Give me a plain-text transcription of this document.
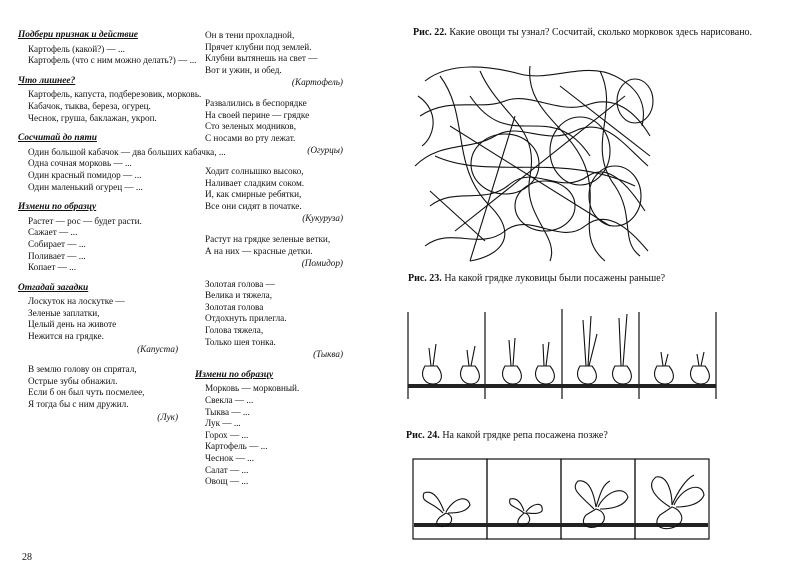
Подбери признак и действие
Картофель (какой?) — ...
Картофель (что с ним можно делать?) — ...
Что лишнее?
Картофель, капуста, подберезовик, морковь.
Кабачок, тыква, береза, огурец.
Чеснок, груша, баклажан, укроп.
Сосчитай до пяти
Один большой кабачок — два больших кабачка, ...
Одна сочная морковь — ...
Один красный помидор — ...
Один маленький огурец — ...
Измени по образцу
Растет — рос — будет расти.
Сажает — ...
Собирает — ...
Поливает — ...
Копает — ...
Отгадай загадки
Лоскуток на лоскутке —
Зеленые заплатки,
Целый день на животе
Нежится на грядке.
(Капуста)
В землю голову он спрятал,
Острые зубы обнажил.
Если б он был чуть посмелее,
Я тогда бы с ним дружил.
(Лук)
Он в тени прохладной,
Прячет клубни под землей.
Клубни вытянешь на свет —
Вот и ужин, и обед.
(Картофель)
Развалились в беспорядке
На своей перине — грядке
Сто зеленых модников,
С носами во рту лежат.
(Огурцы)
Ходит солнышко высоко,
Наливает сладким соком.
И, как смирные ребятки,
Все они сидят в початке.
(Кукуруза)
Растут на грядке зеленые ветки,
А на них — красные детки.
(Помидор)
Золотая голова —
Велика и тяжела,
Золотая голова
Отдохнуть прилегла.
Голова тяжела,
Только шея тонка.
(Тыква)
Измени по образцу
Морковь — морковный.
Свекла — ...
Тыква — ...
Лук — ...
Горох — ...
Картофель — ...
Чеснок — ...
Салат — ...
Овощ — ...
Рис. 22. Какие овощи ты узнал? Сосчитай, сколько морковок здесь нарисовано.
Рис. 23. На какой грядке луковицы были посажены раньше?
Рис. 24. На какой грядке репа посажена позже?
28
